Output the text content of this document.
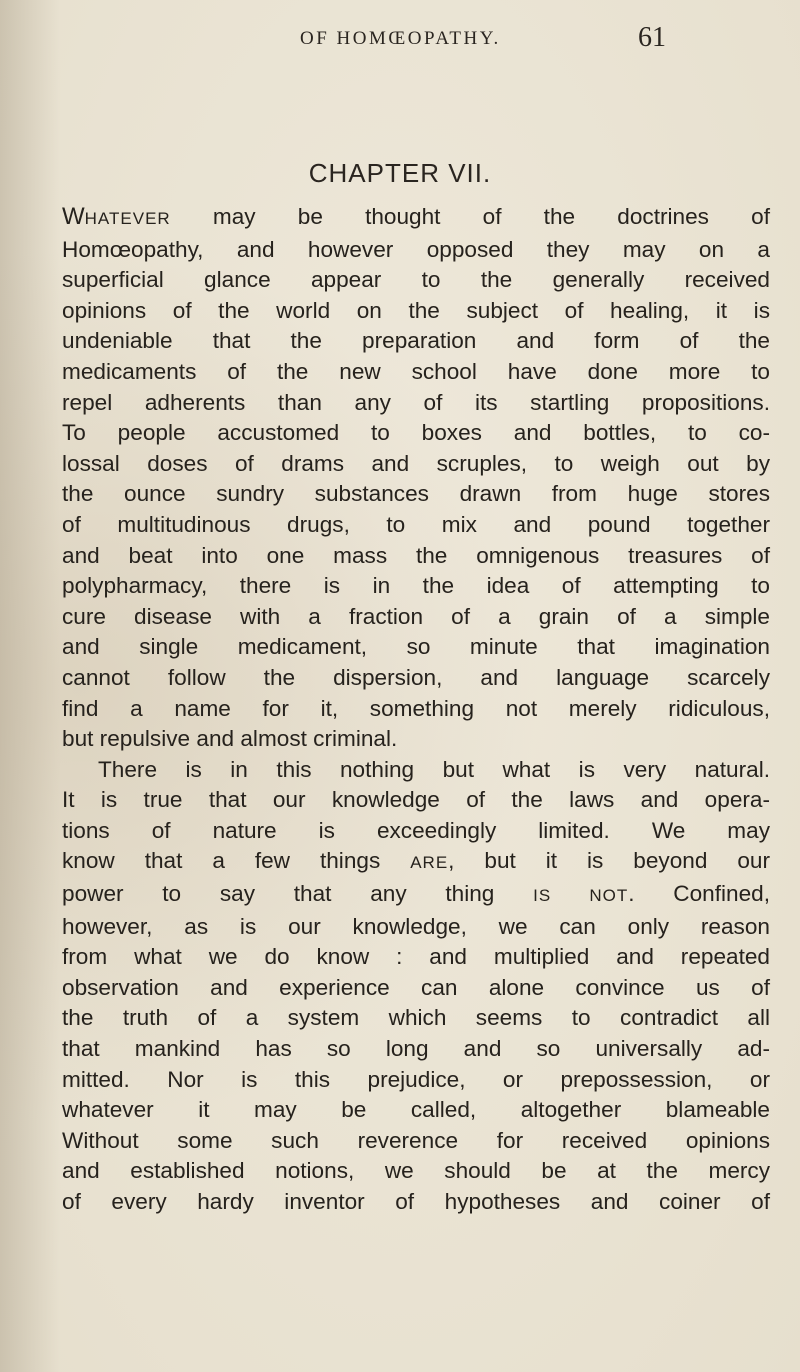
OF HOMŒOPATHY.	61
CHAPTER VII.
WHATEVER may be thought of the doctrines of
Homœopathy, and however opposed they may on a
superficial glance appear to the generally received
opinions of the world on the subject of healing, it is
undeniable that the preparation and form of the
medicaments of the new school have done more to
repel adherents than any of its startling propositions.
To people accustomed to boxes and bottles, to co-
lossal doses of drams and scruples, to weigh out by
the ounce sundry substances drawn from huge stores
of multitudinous drugs, to mix and pound together
and beat into one mass the omnigenous treasures of
polypharmacy, there is in the idea of attempting to
cure disease with a fraction of a grain of a simple
and single medicament, so minute that imagination
cannot follow the dispersion, and language scarcely
find a name for it, something not merely ridiculous,
but repulsive and almost criminal.
There is in this nothing but what is very natural.
It is true that our knowledge of the laws and opera-
tions of nature is exceedingly limited. We may
know that a few things ARE, but it is beyond our
power to say that any thing IS NOT. Confined,
however, as is our knowledge, we can only reason
from what we do know : and multiplied and repeated
observation and experience can alone convince us of
the truth of a system which seems to contradict all
that mankind has so long and so universally ad-
mitted. Nor is this prejudice, or prepossession, or
whatever it may be called, altogether blameable
Without some such reverence for received opinions
and established notions, we should be at the mercy
of every hardy inventor of hypotheses and coiner of
